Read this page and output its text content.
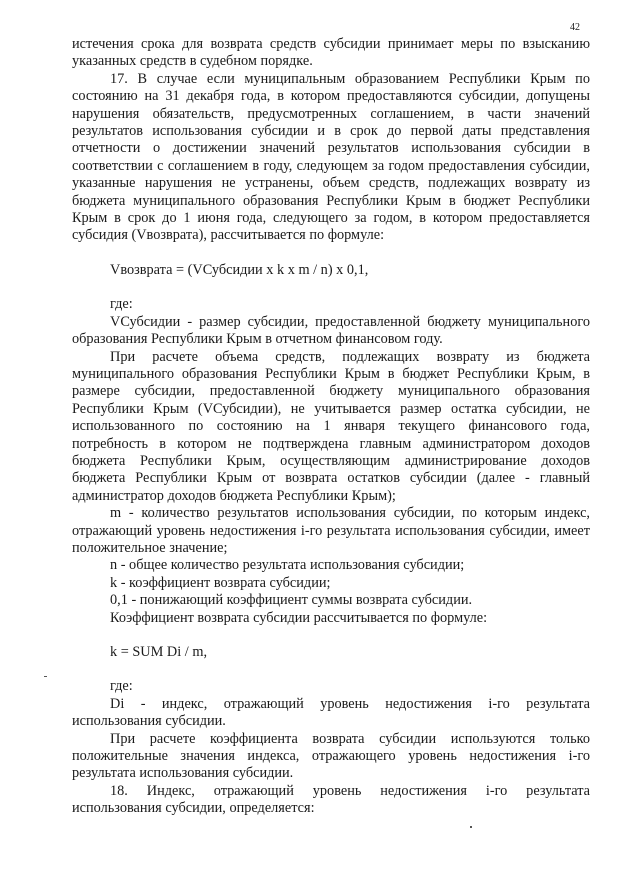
42

истечения срока для возврата средств субсидии принимает меры по взысканию указанных средств в судебном порядке.

17. В случае если муниципальным образованием Республики Крым по состоянию на 31 декабря года, в котором предоставляются субсидии, допущены нарушения обязательств, предусмотренных соглашением, в части значений результатов использования субсидии и в срок до первой даты представления отчетности о достижении значений результатов использования субсидии в соответствии с соглашением в году, следующем за годом предоставления субсидии, указанные нарушения не устранены, объем средств, подлежащих возврату из бюджета муниципального образования Республики Крым в бюджет Республики Крым в срок до 1 июня года, следующего за годом, в котором предоставляется субсидия (Vвозврата), рассчитывается по формуле:

Vвозврата = (VСубсидии х k х m / n) х 0,1,

где:

VСубсидии - размер субсидии, предоставленной бюджету муниципального образования Республики Крым в отчетном финансовом году.

При расчете объема средств, подлежащих возврату из бюджета муниципального образования Республики Крым в бюджет Республики Крым, в размере субсидии, предоставленной бюджету муниципального образования Республики Крым (VСубсидии), не учитывается размер остатка субсидии, не использованного по состоянию на 1 января текущего финансового года, потребность в котором не подтверждена главным администратором доходов бюджета Республики Крым, осуществляющим администрирование доходов бюджета Республики Крым от возврата остатков субсидии (далее - главный администратор доходов бюджета Республики Крым);

m - количество результатов использования субсидии, по которым индекс, отражающий уровень недостижения i-го результата использования субсидии, имеет положительное значение;

n - общее количество результата использования субсидии;

k - коэффициент возврата субсидии;

0,1 - понижающий коэффициент суммы возврата субсидии.

Коэффициент возврата субсидии рассчитывается по формуле:

k = SUM Di / m,

где:

Di - индекс, отражающий уровень недостижения i-го результата использования субсидии.

При расчете коэффициента возврата субсидии используются только положительные значения индекса, отражающего уровень недостижения i-го результата использования субсидии.

18. Индекс, отражающий уровень недостижения i-го результата использования субсидии, определяется:
